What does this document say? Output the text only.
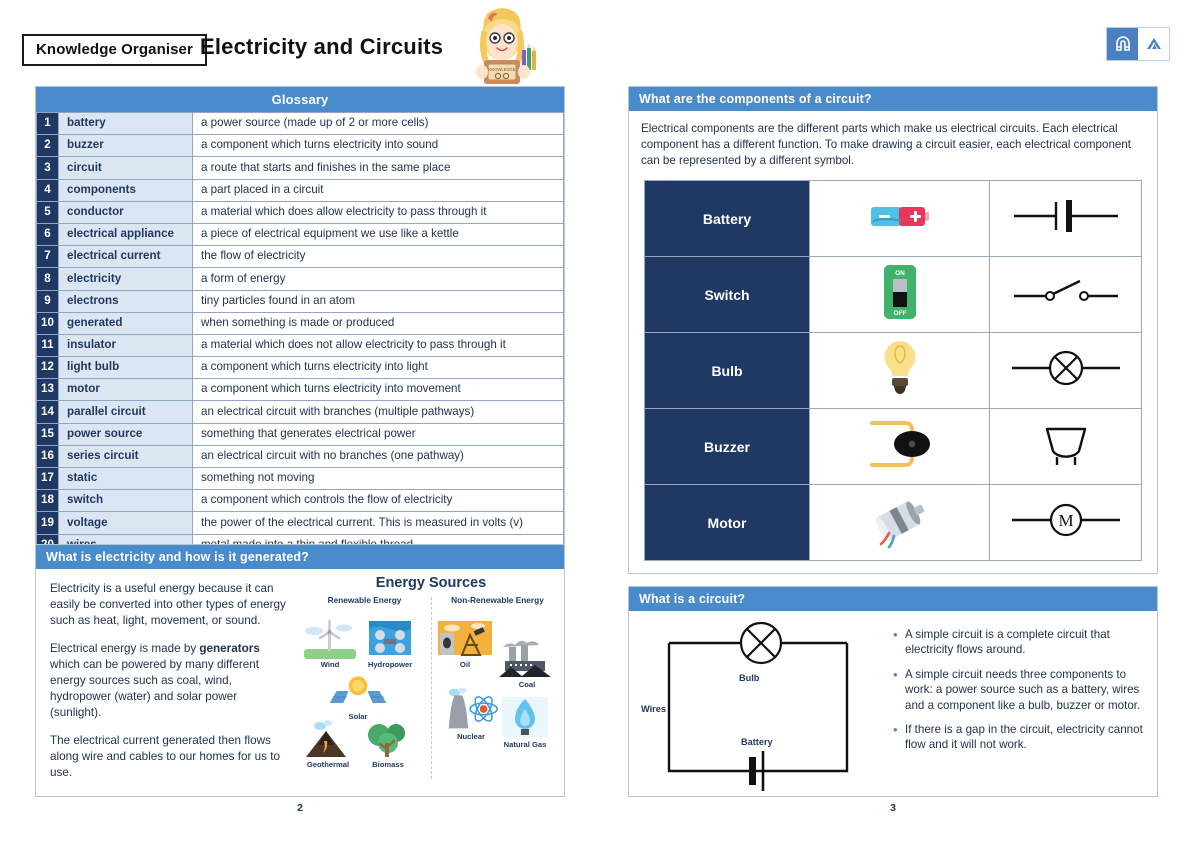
Knowledge Organiser Electricity and Circuits
KNOWLEDGE
Glossary
1	battery	a power source (made up of 2 or more cells)
2	buzzer	a component which turns electricity into sound
3	circuit	a route that starts and finishes in the same place
4	components	a part placed in a circuit
5	conductor	a material which does allow electricity to pass through it
6	electrical appliance	a piece of electrical equipment we use like a kettle
7	electrical current	the flow of electricity
8	electricity	a form of energy
9	electrons	tiny particles found in an atom
10	generated	when something is made or produced
11	insulator	a material which does not allow electricity to pass through it
12	light bulb	a component which turns electricity into light
13	motor	a component which turns electricity into movement
14	parallel circuit	an electrical circuit with branches (multiple pathways)
15	power source	something that generates electrical power
16	series circuit	an electrical circuit with no branches (one pathway)
17	static	something not moving
18	switch	a component which controls the flow of electricity
19	voltage	the power of the electrical current. This is measured in volts (v)

What is electricity and how is it generated?

Electricity is a useful energy because it can easily be converted into other types of energy such as heat, light, movement, or sound.

Electrical energy is made by generators which can be powered by many different energy sources such as coal, wind, hydropower (water) and solar power (sunlight).

The electrical current generated then flows along wire and cables to our homes for us to use.

Energy Sources
Renewable Energy
Wind	Hydropower
Solar
Geothermal	Biomass
Non-Renewable Energy
Oil
Coal
Nuclear
Natural Gas
What are the components of a circuit?
Electrical components are the different parts which make us electrical circuits. Each electrical component has a different function. To make drawing a circuit easier, each electrical component can be represented by a different symbol.
Battery		
Switch	ON
OFF

Bulb		
Buzzer		
Motor		M
What is a circuit?
Bulb
Wires
Battery
• A simple circuit is a complete circuit that electricity flows around.
• A simple circuit needs three components to work: a power source such as a battery, wires and a component like a bulb, buzzer or motor.
• If there is a gap in the circuit, electricity cannot flow and it will not work.
2	3
